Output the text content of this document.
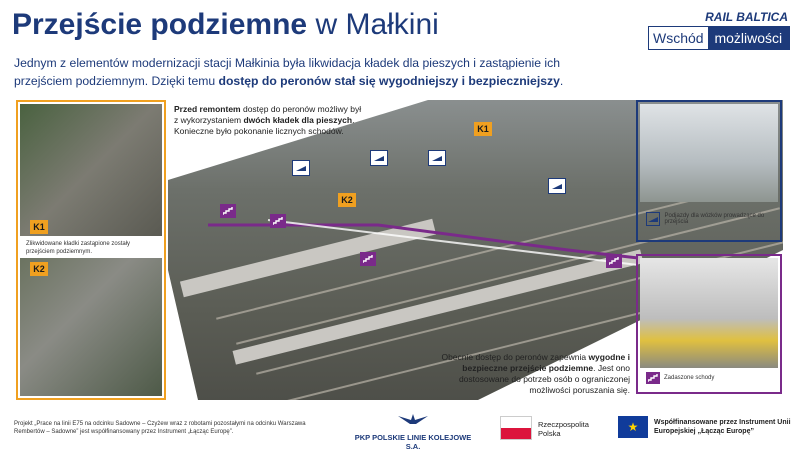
Przejście podziemne w Małkini
Jednym z elementów modernizacji stacji Małkinia była likwidacja kładek dla pieszych i zastąpienie ich przejściem podziemnym. Dzięki temu dostęp do peronów stał się wygodniejszy i bezpieczniejszy.
RAIL BALTICA
Wschód możliwości
K1
K2
Przed remontem dostęp do peronów możliwy był z wykorzystaniem dwóch kładek dla pieszych. Konieczne było pokonanie licznych schodów.
Obecnie dostęp do peronów zapewnia wygodne i bezpieczne przejście podziemne. Jest ono dostosowane do potrzeb osób o ograniczonej możliwości poruszania się.
K1
Zlikwidowane kładki zastąpione zostały przejściem podziemnym.
K2
Podjazdy dla wózków prowadzące do przejścia
Zadaszone schody
Projekt „Prace na linii E75 na odcinku Sadowne – Czyżew wraz z robotami pozostałymi na odcinku Warszawa Rembertów – Sadowne” jest współfinansowany przez Instrument „Łącząc Europę”.
PKP POLSKIE LINIE KOLEJOWE S.A.
Rzeczpospolita
Polska	★	Współfinansowane przez Instrument Unii Europejskiej „Łącząc Europę”
